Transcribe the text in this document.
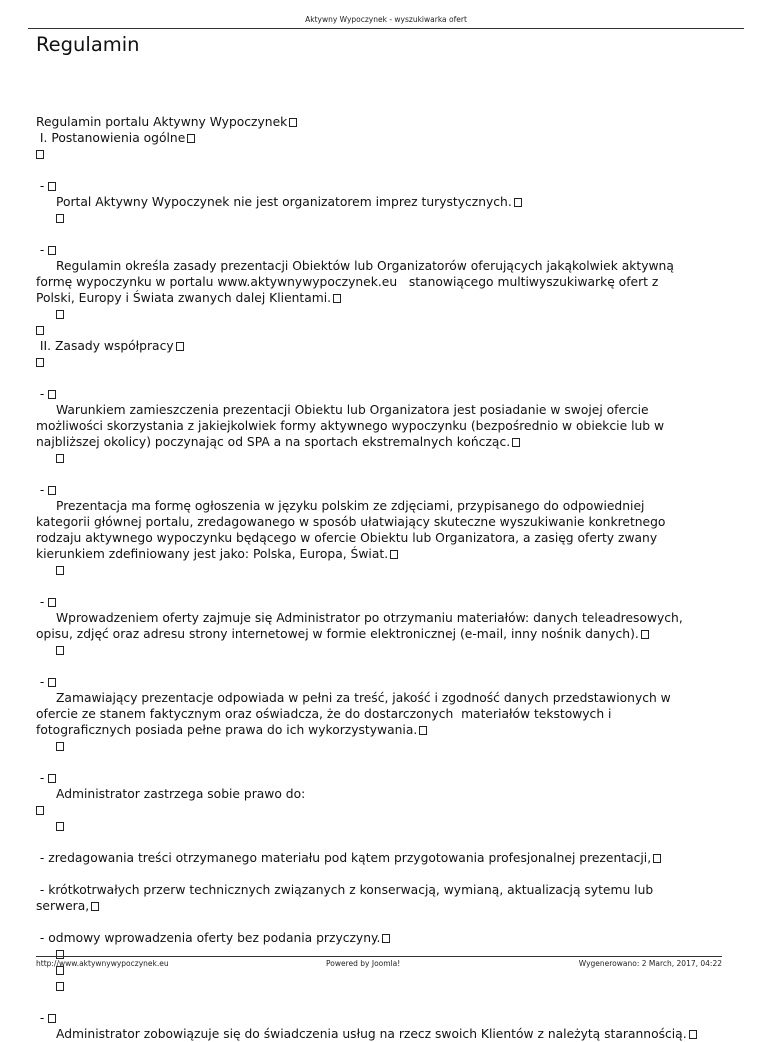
Aktywny Wypoczynek - wyszukiwarka ofert
Regulamin
Regulamin portalu Aktywny Wypoczynek
I. Postanowienia ogólne
-
Portal Aktywny Wypoczynek nie jest organizatorem imprez turystycznych.
-
Regulamin określa zasady prezentacji Obiektów lub Organizatorów oferujących jakąkolwiek aktywną
formę wypoczynku w portalu www.aktywnywypoczynek.eu   stanowiącego multiwyszukiwarkę ofert z
Polski, Europy i Świata zwanych dalej Klientami.
II. Zasady współpracy
-
Warunkiem zamieszczenia prezentacji Obiektu lub Organizatora jest posiadanie w swojej ofercie
możliwości skorzystania z jakiejkolwiek formy aktywnego wypoczynku (bezpośrednio w obiekcie lub w
najbliższej okolicy) poczynając od SPA a na sportach ekstremalnych kończąc.
-
Prezentacja ma formę ogłoszenia w języku polskim ze zdjęciami, przypisanego do odpowiedniej
kategorii głównej portalu, zredagowanego w sposób ułatwiający skuteczne wyszukiwanie konkretnego
rodzaju aktywnego wypoczynku będącego w ofercie Obiektu lub Organizatora, a zasięg oferty zwany
kierunkiem zdefiniowany jest jako: Polska, Europa, Świat.
-
Wprowadzeniem oferty zajmuje się Administrator po otrzymaniu materiałów: danych teleadresowych,
opisu, zdjęć oraz adresu strony internetowej w formie elektronicznej (e-mail, inny nośnik danych).
-
Zamawiający prezentacje odpowiada w pełni za treść, jakość i zgodność danych przedstawionych w
ofercie ze stanem faktycznym oraz oświadcza, że do dostarczonych  materiałów tekstowych i
fotograficznych posiada pełne prawa do ich wykorzystywania.
-
Administrator zastrzega sobie prawo do:
- zredagowania treści otrzymanego materiału pod kątem przygotowania profesjonalnej prezentacji,
- krótkotrwałych przerw technicznych związanych z konserwacją, wymianą, aktualizacją sytemu lub
serwera,
- odmowy wprowadzenia oferty bez podania przyczyny.
-
Administrator zobowiązuje się do świadczenia usług na rzecz swoich Klientów z należytą starannością.
http://www.aktywnywypoczynek.eu	Powered by Joomla!	Wygenerowano: 2 March, 2017, 04:22
